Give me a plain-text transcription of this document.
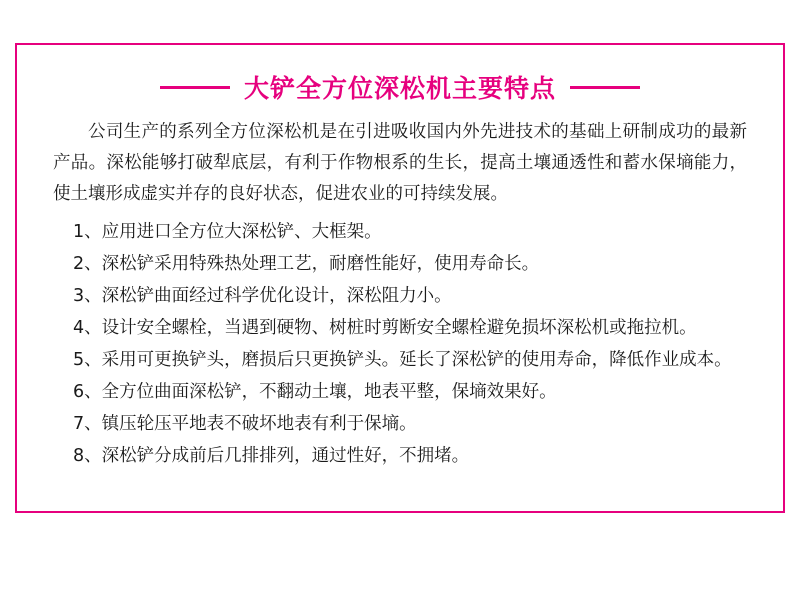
大铲全方位深松机主要特点

公司生产的系列全方位深松机是在引进吸收国内外先进技术的基础上研制成功的最新产品。深松能够打破犁底层，有利于作物根系的生长，提高土壤通透性和蓄水保墒能力，使土壤形成虚实并存的良好状态，促进农业的可持续发展。

1、应用进口全方位大深松铲、大框架。
2、深松铲采用特殊热处理工艺，耐磨性能好，使用寿命长。
3、深松铲曲面经过科学优化设计，深松阻力小。
4、设计安全螺栓，当遇到硬物、树桩时剪断安全螺栓避免损坏深松机或拖拉机。
5、采用可更换铲头，磨损后只更换铲头。延长了深松铲的使用寿命，降低作业成本。
6、全方位曲面深松铲，不翻动土壤，地表平整，保墒效果好。
7、镇压轮压平地表不破坏地表有利于保墒。
8、深松铲分成前后几排排列，通过性好，不拥堵。
